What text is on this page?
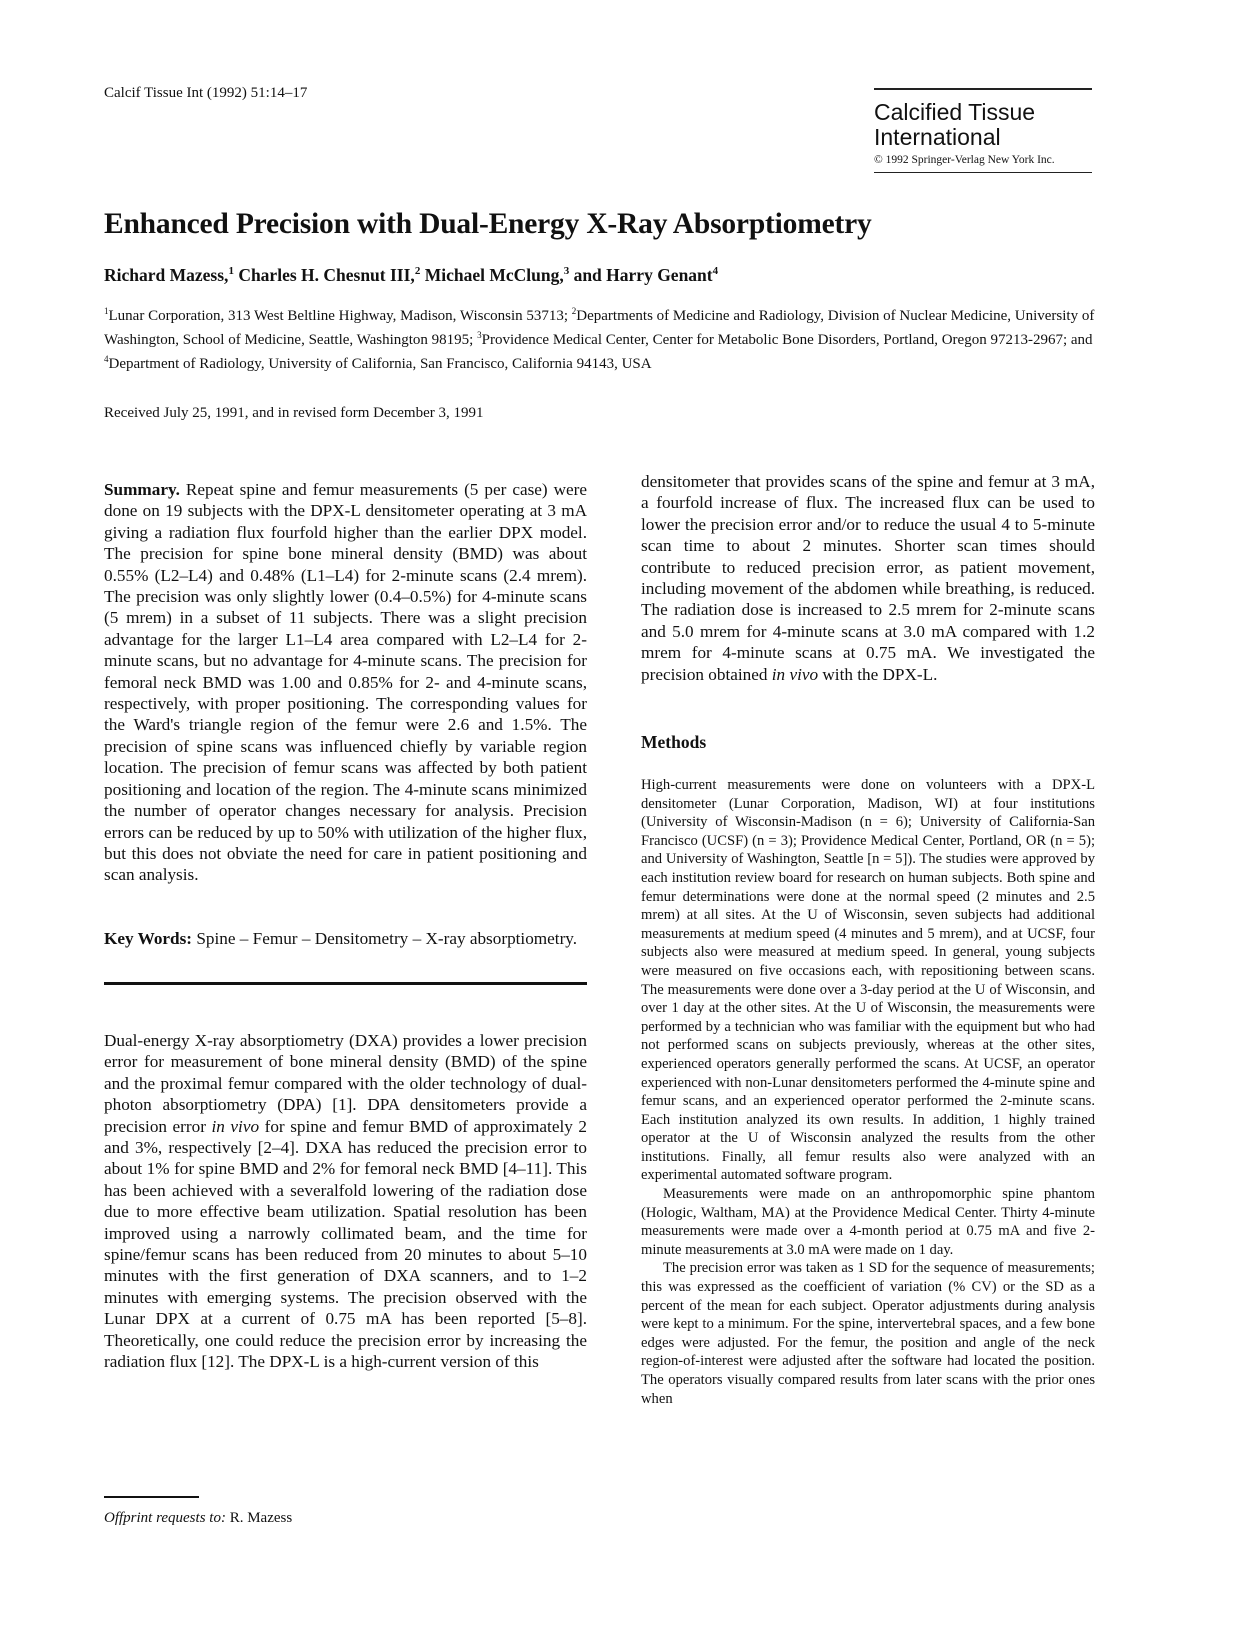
Calcif Tissue Int (1992) 51:14–17
Calcified Tissue
International
© 1992 Springer-Verlag New York Inc.
Enhanced Precision with Dual-Energy X-Ray Absorptiometry
Richard Mazess,$^1$ Charles H. Chesnut III,$^2$ Michael McClung,$^3$ and Harry Genant$^4$
$^1$Lunar Corporation, 313 West Beltline Highway, Madison, Wisconsin 53713; $^2$Departments of Medicine and Radiology, Division of Nuclear Medicine, University of Washington, School of Medicine, Seattle, Washington 98195; $^3$Providence Medical Center, Center for Metabolic Bone Disorders, Portland, Oregon 97213-2967; and $^4$Department of Radiology, University of California, San Francisco, California 94143, USA
Received July 25, 1991, and in revised form December 3, 1991
Summary. Repeat spine and femur measurements (5 per case) were done on 19 subjects with the DPX-L densitometer operating at 3 mA giving a radiation flux fourfold higher than the earlier DPX model. The precision for spine bone mineral density (BMD) was about 0.55% (L2–L4) and 0.48% (L1–L4) for 2-minute scans (2.4 mrem). The precision was only slightly lower (0.4–0.5%) for 4-minute scans (5 mrem) in a subset of 11 subjects. There was a slight precision advantage for the larger L1–L4 area compared with L2–L4 for 2-minute scans, but no advantage for 4-minute scans. The precision for femoral neck BMD was 1.00 and 0.85% for 2- and 4-minute scans, respectively, with proper positioning. The corresponding values for the Ward's triangle region of the femur were 2.6 and 1.5%. The precision of spine scans was influenced chiefly by variable region location. The precision of femur scans was affected by both patient positioning and location of the region. The 4-minute scans minimized the number of operator changes necessary for analysis. Precision errors can be reduced by up to 50% with utilization of the higher flux, but this does not obviate the need for care in patient positioning and scan analysis.
Key Words: Spine – Femur – Densitometry – X-ray absorptiometry.
Dual-energy X-ray absorptiometry (DXA) provides a lower precision error for measurement of bone mineral density (BMD) of the spine and the proximal femur compared with the older technology of dual-photon absorptiometry (DPA) [1]. DPA densitometers provide a precision error in vivo for spine and femur BMD of approximately 2 and 3%, respectively [2–4]. DXA has reduced the precision error to about 1% for spine BMD and 2% for femoral neck BMD [4–11]. This has been achieved with a severalfold lowering of the radiation dose due to more effective beam utilization. Spatial resolution has been improved using a narrowly collimated beam, and the time for spine/femur scans has been reduced from 20 minutes to about 5–10 minutes with the first generation of DXA scanners, and to 1–2 minutes with emerging systems. The precision observed with the Lunar DPX at a current of 0.75 mA has been reported [5–8]. Theoretically, one could reduce the precision error by increasing the radiation flux [12]. The DPX-L is a high-current version of this
Offprint requests to: R. Mazess
densitometer that provides scans of the spine and femur at 3 mA, a fourfold increase of flux. The increased flux can be used to lower the precision error and/or to reduce the usual 4 to 5-minute scan time to about 2 minutes. Shorter scan times should contribute to reduced precision error, as patient movement, including movement of the abdomen while breathing, is reduced. The radiation dose is increased to 2.5 mrem for 2-minute scans and 5.0 mrem for 4-minute scans at 3.0 mA compared with 1.2 mrem for 4-minute scans at 0.75 mA. We investigated the precision obtained in vivo with the DPX-L.
Methods

High-current measurements were done on volunteers with a DPX-L densitometer (Lunar Corporation, Madison, WI) at four institutions (University of Wisconsin-Madison (n = 6); University of California-San Francisco (UCSF) (n = 3); Providence Medical Center, Portland, OR (n = 5); and University of Washington, Seattle [n = 5]). The studies were approved by each institution review board for research on human subjects. Both spine and femur determinations were done at the normal speed (2 minutes and 2.5 mrem) at all sites. At the U of Wisconsin, seven subjects had additional measurements at medium speed (4 minutes and 5 mrem), and at UCSF, four subjects also were measured at medium speed. In general, young subjects were measured on five occasions each, with repositioning between scans. The measurements were done over a 3-day period at the U of Wisconsin, and over 1 day at the other sites. At the U of Wisconsin, the measurements were performed by a technician who was familiar with the equipment but who had not performed scans on subjects previously, whereas at the other sites, experienced operators generally performed the scans. At UCSF, an operator experienced with non-Lunar densitometers performed the 4-minute spine and femur scans, and an experienced operator performed the 2-minute scans. Each institution analyzed its own results. In addition, 1 highly trained operator at the U of Wisconsin analyzed the results from the other institutions. Finally, all femur results also were analyzed with an experimental automated software program.

Measurements were made on an anthropomorphic spine phantom (Hologic, Waltham, MA) at the Providence Medical Center. Thirty 4-minute measurements were made over a 4-month period at 0.75 mA and five 2-minute measurements at 3.0 mA were made on 1 day.

The precision error was taken as 1 SD for the sequence of measurements; this was expressed as the coefficient of variation (% CV) or the SD as a percent of the mean for each subject. Operator adjustments during analysis were kept to a minimum. For the spine, intervertebral spaces, and a few bone edges were adjusted. For the femur, the position and angle of the neck region-of-interest were adjusted after the software had located the position. The operators visually compared results from later scans with the prior ones when
